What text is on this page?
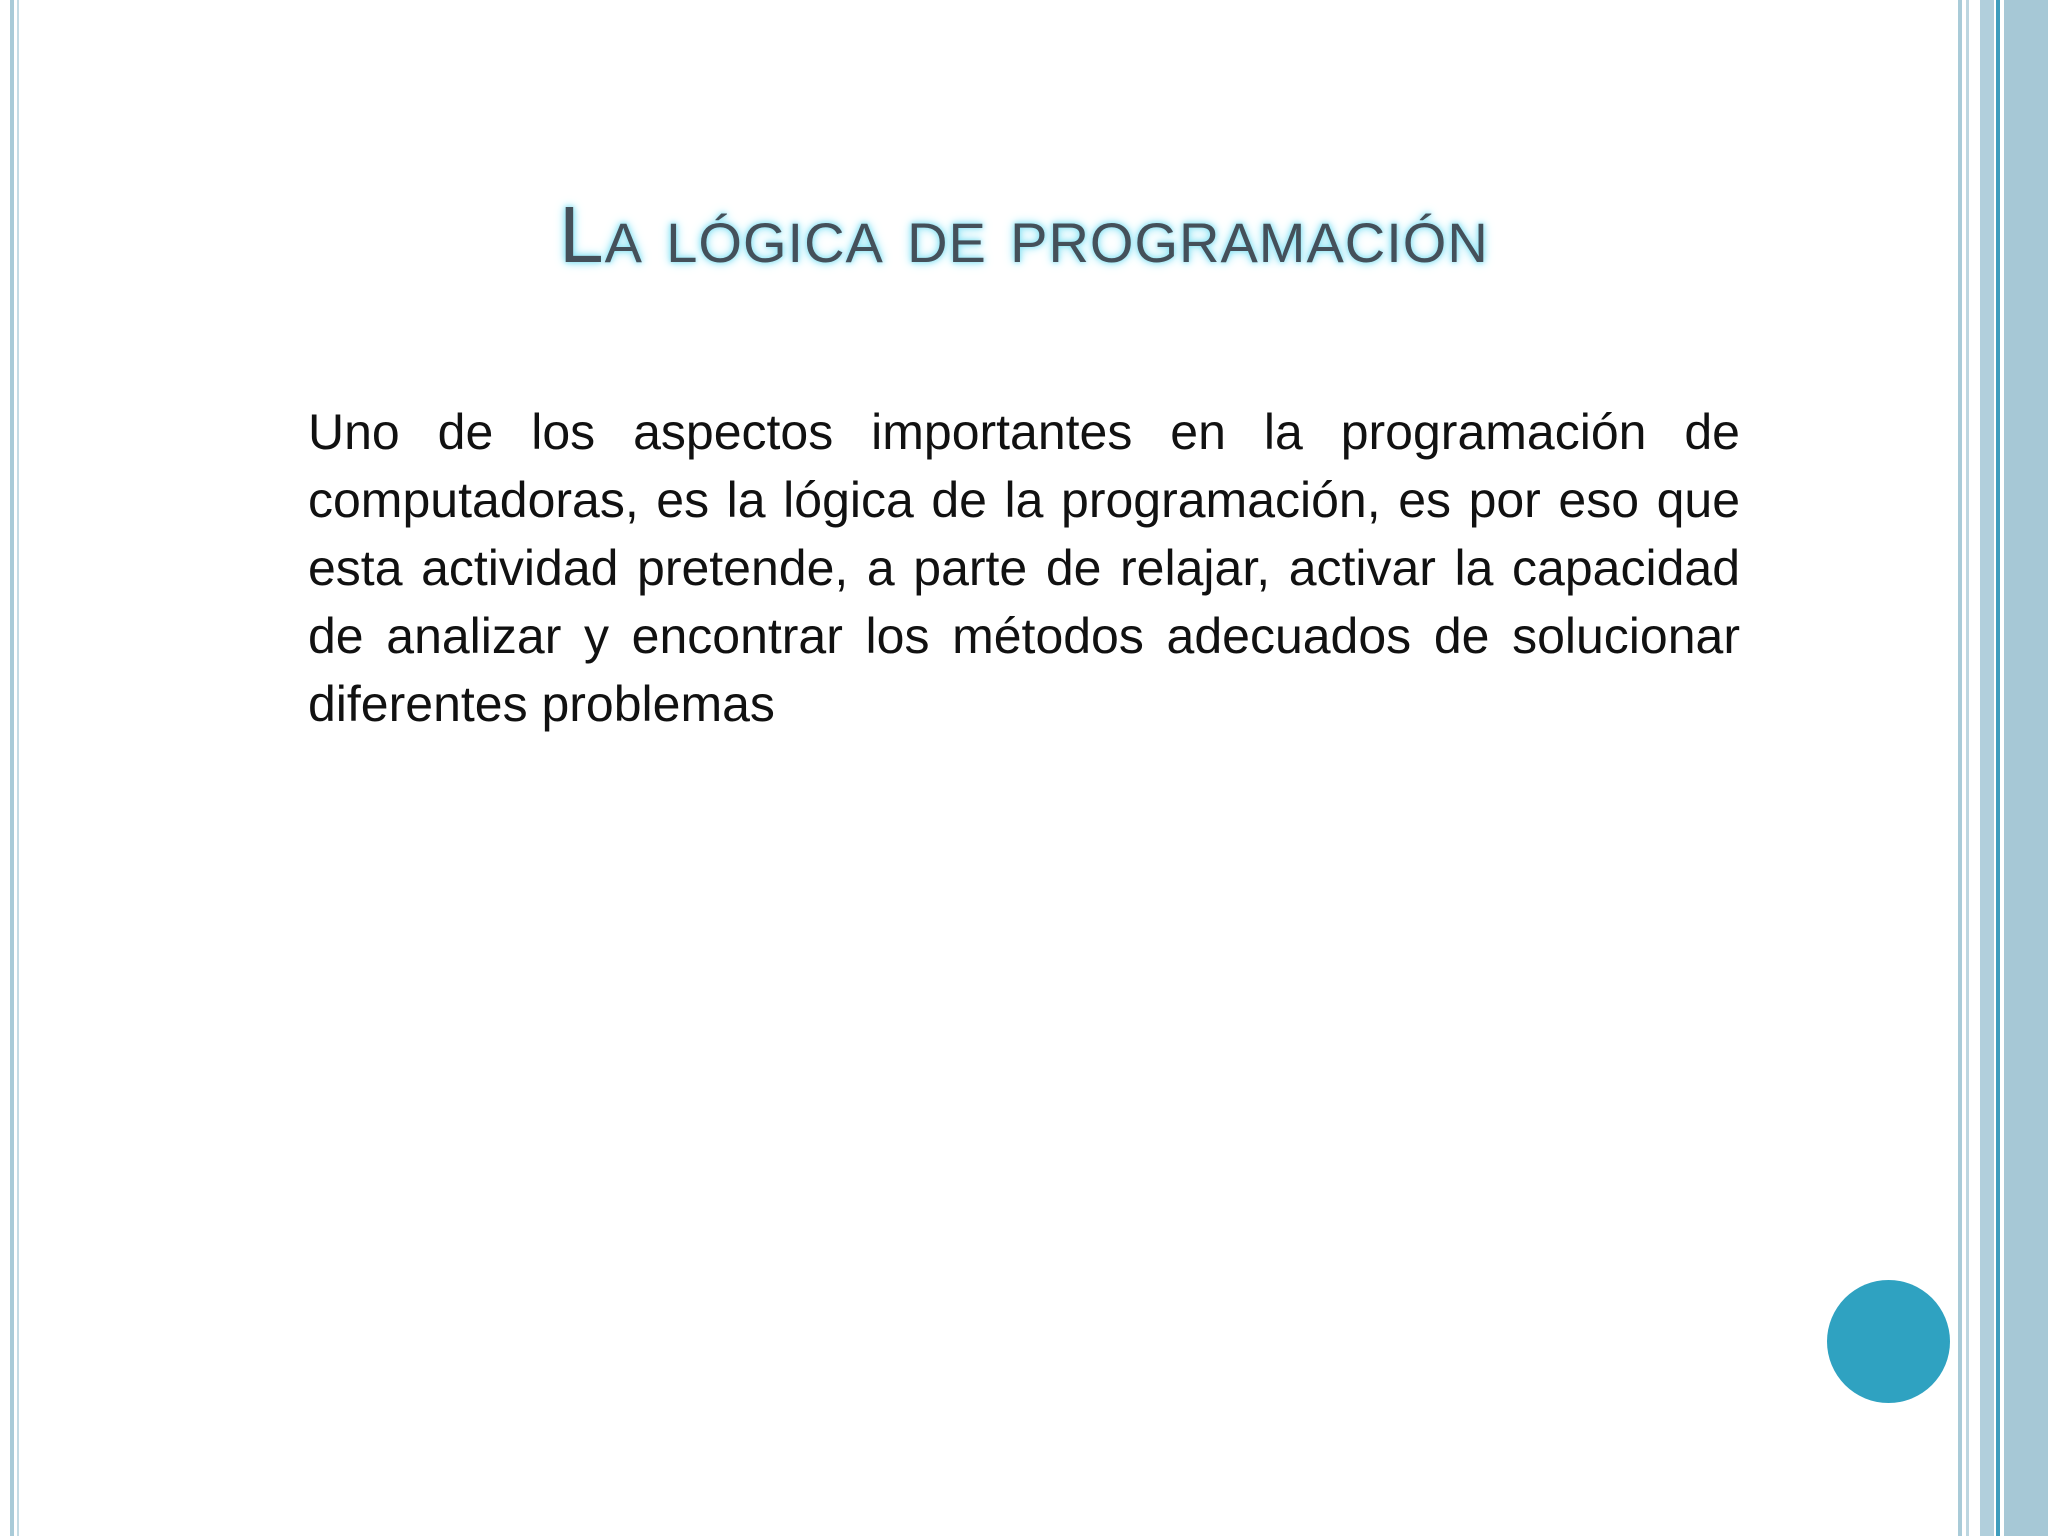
La lógica de programación
Uno de los aspectos importantes en la programación de computadoras, es la lógica de la programación, es por eso que esta actividad pretende, a parte de relajar, activar la capacidad de analizar y encontrar los métodos adecuados de solucionar diferentes problemas
